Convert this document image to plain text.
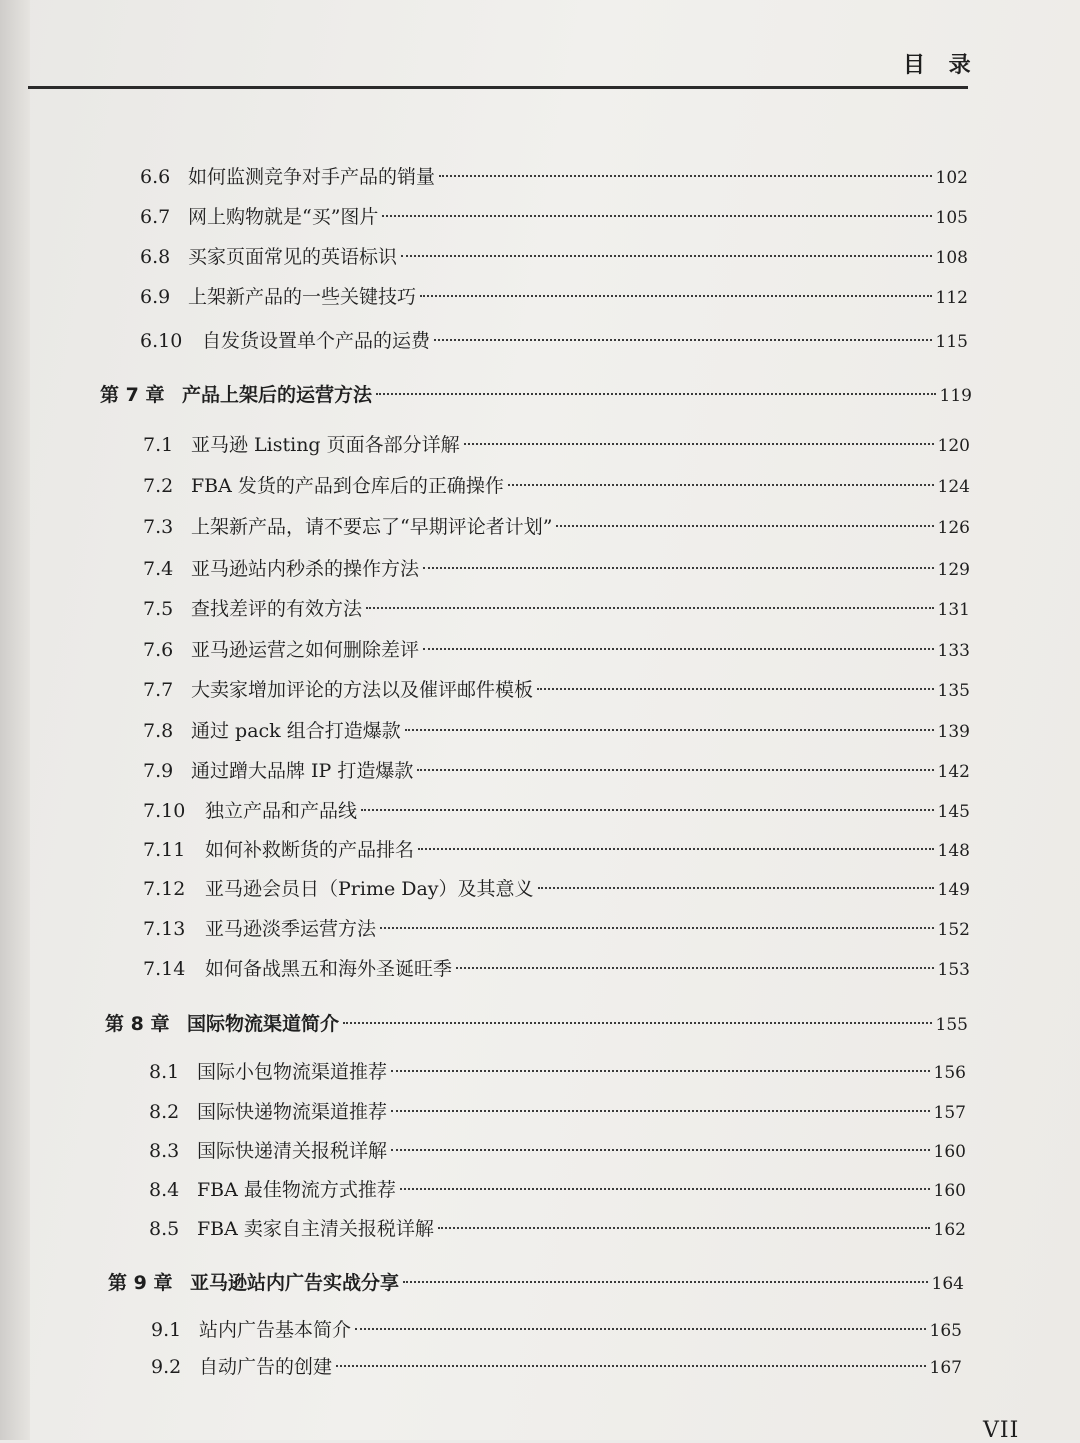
目 录
6.6 如何监测竞争对手产品的销量	102
6.7 网上购物就是“买”图片	105
6.8 买家页面常见的英语标识	108
6.9 上架新产品的一些关键技巧	112
6.10	自发货设置单个产品的运费	115
第 7 章 产品上架后的运营方法	119
7.1 亚马逊 Listing 页面各部分详解	120
7.2 FBA 发货的产品到仓库后的正确操作	124
7.3 上架新产品，请不要忘了“早期评论者计划”	126
7.4 亚马逊站内秒杀的操作方法	129
7.5 查找差评的有效方法	131
7.6 亚马逊运营之如何删除差评	133
7.7 大卖家增加评论的方法以及催评邮件模板	135
7.8 通过 pack 组合打造爆款	139
7.9 通过蹭大品牌 IP 打造爆款	142
7.10	独立产品和产品线	145
7.11	如何补救断货的产品排名	148
7.12	亚马逊会员日（Prime Day）及其意义	149
7.13	亚马逊淡季运营方法	152
7.14	如何备战黑五和海外圣诞旺季	153
第 8 章 国际物流渠道简介	155
8.1 国际小包物流渠道推荐	156
8.2 国际快递物流渠道推荐	157
8.3 国际快递清关报税详解	160
8.4 FBA 最佳物流方式推荐	160
8.5 FBA 卖家自主清关报税详解	162
第 9 章 亚马逊站内广告实战分享	164
9.1 站内广告基本简介	165
9.2 自动广告的创建	167
VII
